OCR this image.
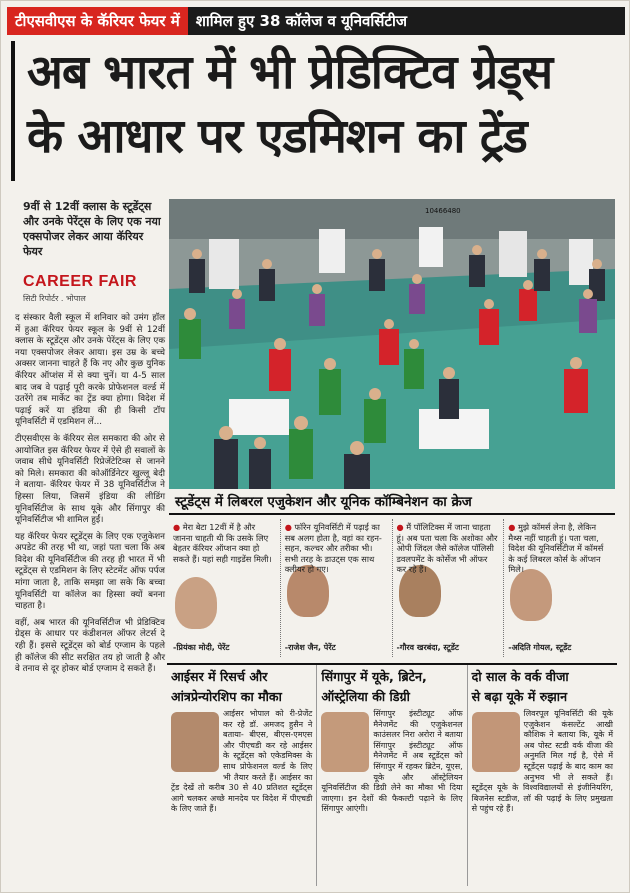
टीएसवीएस के कॅरियर फेयर में	शामिल हुए 38 कॉलेज व यूनिवर्सिटीज
अब भारत में भी प्रेडिक्टिव ग्रेड्स
के आधार पर एडमिशन का ट्रेंड
9वीं से 12वीं क्लास के स्टूडेंट्स और उनके पेरेंट्स के लिए एक नया एक्सपोजर लेकर आया कॅरियर फेयर
CAREER FAIR
सिटी रिपोर्टर . भोपाल

द संस्कार वैली स्कूल में शनिवार को उमंग हॉल में हुआ कॅरियर फेयर स्कूल के 9वीं से 12वीं क्लास के स्टूडेंट्स और उनके पेरेंट्स के लिए एक नया एक्सपोजर लेकर आया। इस उम्र के बच्चे अक्सर जानना चाहते हैं कि नए और कुछ युनिक कॅरियर ऑप्शंस में से क्या चुनें। या 4-5 साल बाद जब वे पढ़ाई पूरी करके प्रोफेशनल वर्ल्ड में उतरेंगे तब मार्केट का ट्रेंड क्या होगा। विदेश में पढ़ाई करें या इंडिया की ही किसी टॉप यूनिवर्सिटी में एडमिशन लें...

टीएसवीएस के कॅरियर सेल समकारा की ओर से आयोजित इस कॅरियर फेयर में ऐसे ही सवालों के जवाब सीधे यूनिवर्सिटी रिप्रेजेंटेटिव्स से जानने को मिले। समकारा की कोऑर्डिनेटर खुल्लू बेदी ने बताया- कॅरियर फेयर में 38 यूनिवर्सिटीज ने हिस्सा लिया, जिसमें इंडिया की लीडिंग यूनिवर्सिटीज के साथ यूके और सिंगापुर की यूनिवर्सिटीज भी शामिल हुईं।

यह कॅरियर फेयर स्टूडेंट्स के लिए एक एजुकेशन अपडेट की तरह भी था, जहां पता चला कि अब विदेश की यूनिवर्सिटीज की तरह ही भारत में भी स्टूडेंट्स से एडमिशन के लिए स्टेटमेंट ऑफ पर्पज मांगा जाता है, ताकि समझा जा सके कि बच्चा यूनिवर्सिटी या कॉलेज का हिस्सा क्यों बनना चाहता है।

वहीं, अब भारत की यूनिवर्सिटीज भी प्रेडिक्टिव ग्रेड्स के आधार पर कंडीशनल ऑफर लेटर्स दे रही हैं। इससे स्टूडेंट्स को बोर्ड एग्जाम के पहले ही कॉलेज की सीट सरक्षित तय हो जाती है और वे तनाव से दूर होकर बोर्ड एग्जाम दे सकते हैं।

10466480
स्टूडेंट्स में लिबरल एजुकेशन और यूनिक कॉम्बिनेशन का क्रेज
● मेरा बेटा 12वीं में है और जानना चाहती थी कि उसके लिए बेहतर कॅरियर ऑप्शन क्या हो सकते हैं। यहां सही गाइडेंस मिली।
-प्रियंका मोदी, पेरेंट
● फॉरेन यूनिवर्सिटी में पढ़ाई का सब अलग होता है, वहां का रहन-सहन, कल्चर और तरीका भी। सभी तरह के डाउट्स एक साथ क्लीयर हो गए।
-राजेश जैन, पेरेंट
● मैं पॉलिटिक्स में जाना चाहता हूं। अब पता चला कि अशोका और ओपी जिंदल जैसे कॉलेज पॉलिसी डवलपमेंट के कोर्सेज भी ऑफर कर रहे हैं।
-गौरव खरबंदा, स्टूडेंट
● मुझे कॉमर्स लेना है, लेकिन मैथ्स नहीं चाहती हूं। पता चला, विदेश की यूनिवर्सिटीज में कॉमर्स के कई लिबरल कोर्स के ऑप्शन मिले।
-अदिति गोयल, स्टूडेंट
आईसर में रिसर्च और
आंत्रप्रेन्योरशिप का मौका
आईसर भोपाल को री-प्रेजेंट कर रहे डॉ. अमजद हुसैन ने बताया- बीएस, बीएस-एमएस और पीएचडी कर रहे आईसर के स्टूडेंट्स को एकेडमिक्स के साथ प्रोफेशनल वर्ल्ड के लिए भी तैयार करते हैं। आईसर का ट्रेंड देखें तो करीब 30 से 40 प्रतिशत स्टूडेंट्स आगे चलकर अच्छे मानदेय पर विदेश में पीएचडी के लिए जाते हैं।
सिंगापुर में यूके, ब्रिटेन,
ऑस्ट्रेलिया की डिग्री
सिंगापुर इंस्टीट्यूट ऑफ मैनेजमेंट की एजुकेशनल काउंसलर निरा अरोरा ने बताया सिंगापुर इंस्टीट्यूट ऑफ मैनेजमेंट में अब स्टूडेंट्स को सिंगापुर में रहकर ब्रिटेन, यूएस, यूके और ऑस्ट्रेलियन यूनिवर्सिटीज की डिग्री लेने का मौका भी दिया जाएगा। इन देशों की फैकल्टी पढ़ाने के लिए सिंगापुर आएंगी।
दो साल के वर्क वीजा
से बढ़ा यूके में रुझान
लिवरपूल यूनिवर्सिटी की यूके एजुकेशन कंसल्टेंट आखी कौशिक ने बताया कि, यूके में अब पोस्ट स्टडी वर्क वीजा की अनुमति मिल गई है, ऐसे में स्टूडेंट्स पढ़ाई के बाद काम का अनुभव भी ले सकते हैं। स्टूडेंट्स यूके के विश्वविद्यालयों से इंजीनियरिंग, बिजनेस स्टडीज, लॉ की पढ़ाई के लिए प्रमुखता से पहुंच रहे हैं।
